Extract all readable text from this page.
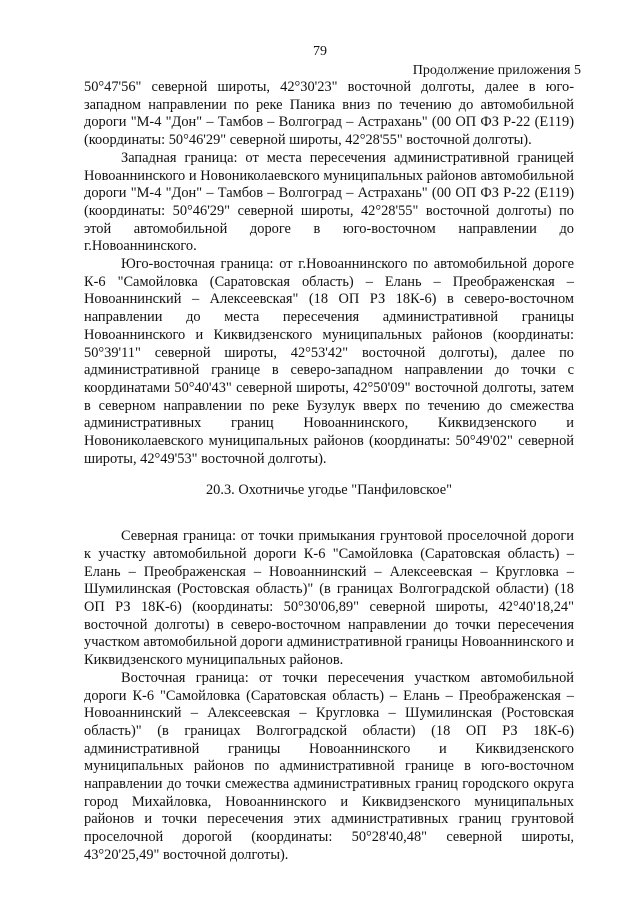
79
Продолжение приложения 5

50°47'56" северной широты, 42°30'23" восточной долготы, далее в юго-западном направлении по реке Паника вниз по течению до автомобильной дороги "М-4 "Дон" – Тамбов – Волгоград – Астрахань" (00 ОП ФЗ Р-22 (Е119) (координаты: 50°46'29" северной широты, 42°28'55" восточной долготы).

Западная граница: от места пересечения административной границей Новоаннинского и Новониколаевского муниципальных районов автомобильной дороги "М-4 "Дон" – Тамбов – Волгоград – Астрахань" (00 ОП ФЗ Р-22 (Е119) (координаты: 50°46'29" северной широты, 42°28'55" восточной долготы) по этой автомобильной дороге в юго-восточном направлении до г.Новоаннинского.

Юго-восточная граница: от г.Новоаннинского по автомобильной дороге К-6 "Самойловка (Саратовская область) – Елань – Преображенская – Новоаннинский – Алексеевская" (18 ОП РЗ 18К-6) в северо-восточном направлении до места пересечения административной границы Новоаннинского и Киквидзенского муниципальных районов (координаты: 50°39'11" северной широты, 42°53'42" восточной долготы), далее по административной границе в северо-западном направлении до точки с координатами 50°40'43" северной широты, 42°50'09" восточной долготы, затем в северном направлении по реке Бузулук вверх по течению до смежества административных границ Новоаннинского, Киквидзенского и Новониколаевского муниципальных районов (координаты: 50°49'02" северной широты, 42°49'53" восточной долготы).

20.3. Охотничье угодье "Панфиловское"

Северная граница: от точки примыкания грунтовой проселочной дороги к участку автомобильной дороги К-6 "Самойловка (Саратовская область) – Елань – Преображенская – Новоаннинский – Алексеевская – Кругловка – Шумилинская (Ростовская область)" (в границах Волгоградской области) (18 ОП РЗ 18К-6) (координаты: 50°30'06,89" северной широты, 42°40'18,24" восточной долготы) в северо-восточном направлении до точки пересечения участком автомобильной дороги административной границы Новоаннинского и Киквидзенского муниципальных районов.

Восточная граница: от точки пересечения участком автомобильной дороги К-6 "Самойловка (Саратовская область) – Елань – Преображенская – Новоаннинский – Алексеевская – Кругловка – Шумилинская (Ростовская область)" (в границах Волгоградской области) (18 ОП РЗ 18К-6) административной границы Новоаннинского и Киквидзенского муниципальных районов по административной границе в юго-восточном направлении до точки смежества административных границ городского округа город Михайловка, Новоаннинского и Киквидзенского муниципальных районов и точки пересечения этих административных границ грунтовой проселочной дорогой (координаты: 50°28'40,48" северной широты, 43°20'25,49" восточной долготы).
